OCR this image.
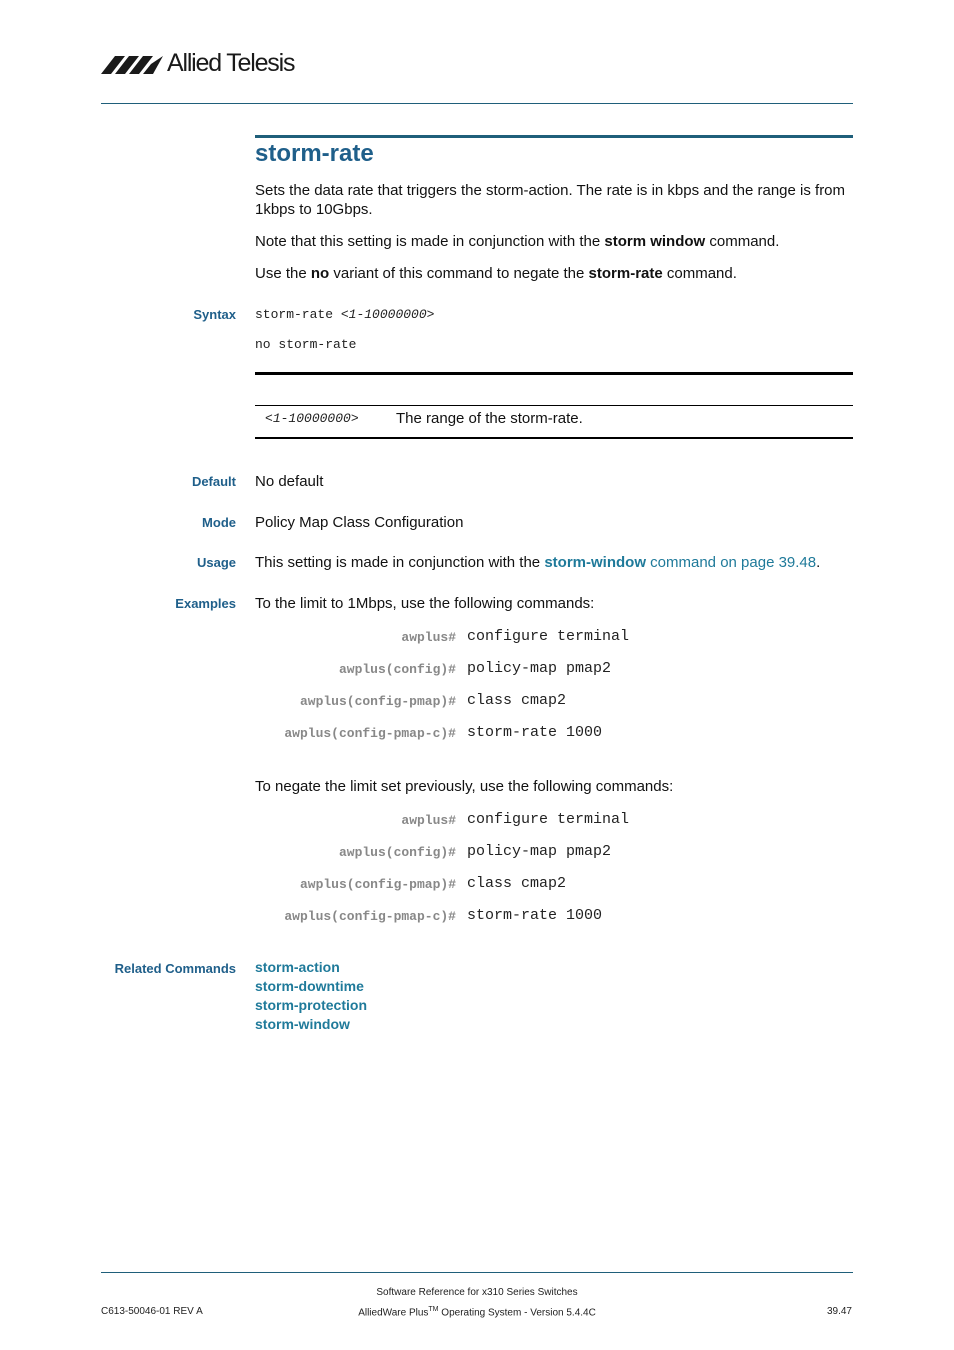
Allied Telesis
storm-rate
Sets the data rate that triggers the storm-action. The rate is in kbps and the range is from 1kbps to 10Gbps.
Note that this setting is made in conjunction with the storm window command.
Use the no variant of this command to negate the storm-rate command.
Syntax storm-rate <1-10000000>
no storm-rate
<1-10000000> The range of the storm-rate.
Default No default
Mode Policy Map Class Configuration
Usage This setting is made in conjunction with the storm-window command on page 39.48.
Examples To the limit to 1Mbps, use the following commands:
awplus# configure terminal
awplus(config)# policy-map pmap2
awplus(config-pmap)# class cmap2
awplus(config-pmap-c)# storm-rate 1000
To negate the limit set previously, use the following commands:
awplus# configure terminal
awplus(config)# policy-map pmap2
awplus(config-pmap)# class cmap2
awplus(config-pmap-c)# storm-rate 1000
Related Commands storm-action
storm-downtime
storm-protection
storm-window
Software Reference for x310 Series Switches
C613-50046-01 REV A	AlliedWare Plus™ Operating System - Version 5.4.4C	39.47
